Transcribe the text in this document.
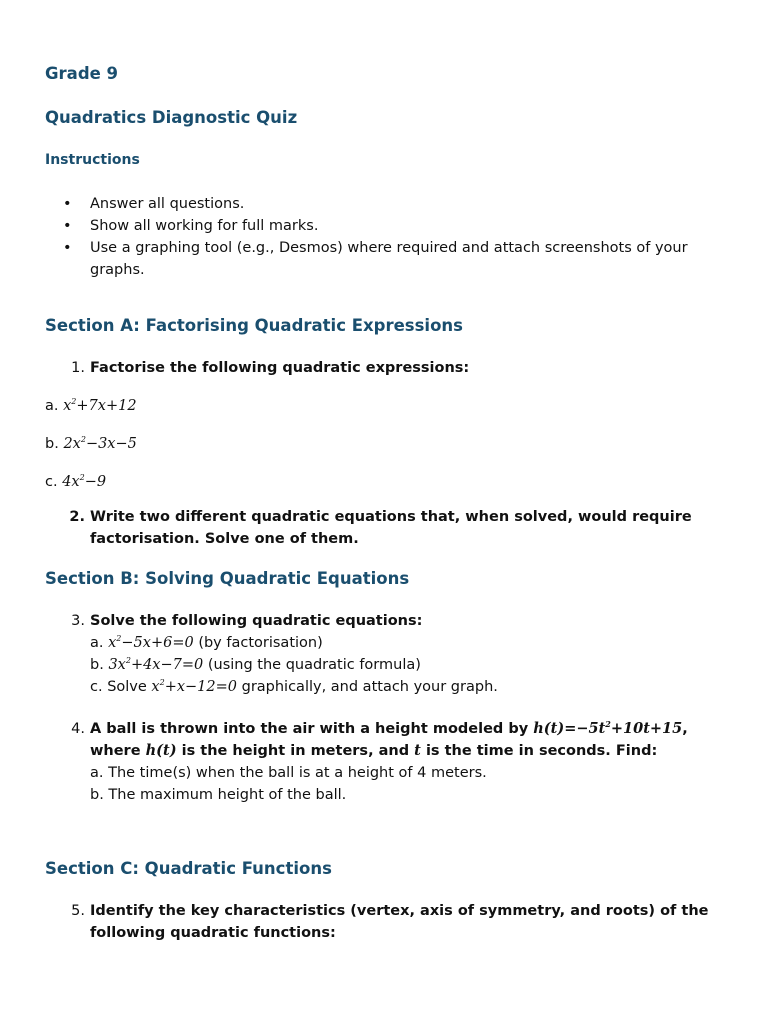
Grade 9
Quadratics Diagnostic Quiz
Instructions
• Answer all questions.
• Show all working for full marks.
• Use a graphing tool (e.g., Desmos) where required and attach screenshots of your graphs.
Section A: Factorising Quadratic Expressions
1. Factorise the following quadratic expressions:
a. $x^2+7x+12$
b. $2x^2-3x-5$
c. $4x^2-9$
2. Write two different quadratic equations that, when solved, would require factorisation. Solve one of them.
Section B: Solving Quadratic Equations
3. Solve the following quadratic equations:
a. $x^2-5x+6=0$ (by factorisation)
b. $3x^2+4x-7=0$ (using the quadratic formula)
c. Solve $x^2+x-12=0$ graphically, and attach your graph.
4. A ball is thrown into the air with a height modeled by $h(t)=-5t^2+10t+15$, where h(t) is the height in meters, and t is the time in seconds. Find:
a. The time(s) when the ball is at a height of 4 meters.
b. The maximum height of the ball.
Section C: Quadratic Functions
5. Identify the key characteristics (vertex, axis of symmetry, and roots) of the following quadratic functions:
